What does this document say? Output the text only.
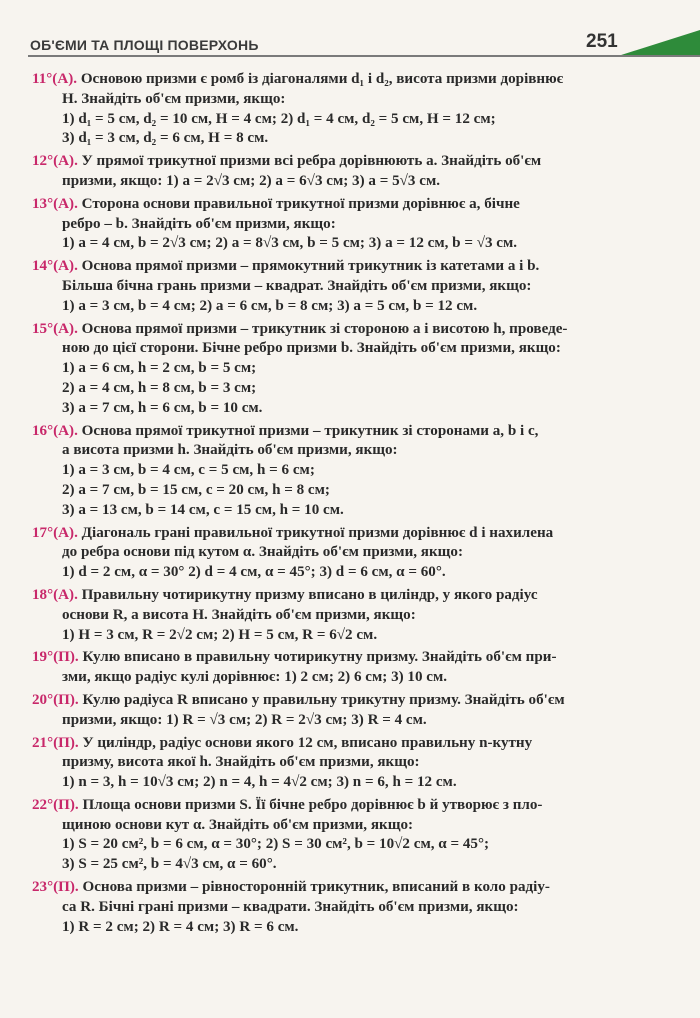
ОБ'ЄМИ ТА ПЛОЩІ ПОВЕРХОНЬ	251
11°(А). Основою призми є ромб із діагоналями d₁ і d₂, висота призми дорівнює
H. Знайдіть об'єм призми, якщо:
1) d₁ = 5 см, d₂ = 10 см, H = 4 см; 2) d₁ = 4 см, d₂ = 5 см, H = 12 см;
3) d₁ = 3 см, d₂ = 6 см, H = 8 см.
12°(А). У прямої трикутної призми всі ребра дорівнюють a. Знайдіть об'єм
призми, якщо: 1) a = 2√3 см; 2) a = 6√3 см; 3) a = 5√3 см.
13°(А). Сторона основи правильної трикутної призми дорівнює a, бічне
ребро – b. Знайдіть об'єм призми, якщо:
1) a = 4 см, b = 2√3 см; 2) a = 8√3 см, b = 5 см; 3) a = 12 см, b = √3 см.
14°(А). Основа прямої призми – прямокутний трикутник із катетами a і b.
Більша бічна грань призми – квадрат. Знайдіть об'єм призми, якщо:
1) a = 3 см, b = 4 см; 2) a = 6 см, b = 8 см; 3) a = 5 см, b = 12 см.
15°(А). Основа прямої призми – трикутник зі стороною a і висотою h, проведе-
ною до цієї сторони. Бічне ребро призми b. Знайдіть об'єм призми, якщо:
1) a = 6 см, h = 2 см, b = 5 см;
2) a = 4 см, h = 8 см, b = 3 см;
3) a = 7 см, h = 6 см, b = 10 см.
16°(А). Основа прямої трикутної призми – трикутник зі сторонами a, b і c,
а висота призми h. Знайдіть об'єм призми, якщо:
1) a = 3 см, b = 4 см, c = 5 см, h = 6 см;
2) a = 7 см, b = 15 см, c = 20 см, h = 8 см;
3) a = 13 см, b = 14 см, c = 15 см, h = 10 см.
17°(А). Діагональ грані правильної трикутної призми дорівнює d і нахилена
до ребра основи під кутом α. Знайдіть об'єм призми, якщо:
1) d = 2 см, α = 30° 2) d = 4 см, α = 45°; 3) d = 6 см, α = 60°.
18°(А). Правильну чотирикутну призму вписано в циліндр, у якого радіус
основи R, а висота H. Знайдіть об'єм призми, якщо:
1) H = 3 см, R = 2√2 см; 2) H = 5 см, R = 6√2 см.
19°(П). Кулю вписано в правильну чотирикутну призму. Знайдіть об'єм при-
зми, якщо радіус кулі дорівнює: 1) 2 см; 2) 6 см; 3) 10 см.
20°(П). Кулю радіуса R вписано у правильну трикутну призму. Знайдіть об'єм
призми, якщо: 1) R = √3 см; 2) R = 2√3 см; 3) R = 4 см.
21°(П). У циліндр, радіус основи якого 12 см, вписано правильну n-кутну
призму, висота якої h. Знайдіть об'єм призми, якщо:
1) n = 3, h = 10√3 см; 2) n = 4, h = 4√2 см; 3) n = 6, h = 12 см.
22°(П). Площа основи призми S. Її бічне ребро дорівнює b й утворює з пло-
щиною основи кут α. Знайдіть об'єм призми, якщо:
1) S = 20 см², b = 6 см, α = 30°; 2) S = 30 см², b = 10√2 см, α = 45°;
3) S = 25 см², b = 4√3 см, α = 60°.
23°(П). Основа призми – рівносторонній трикутник, вписаний в коло радіу-
са R. Бічні грані призми – квадрати. Знайдіть об'єм призми, якщо:
1) R = 2 см; 2) R = 4 см; 3) R = 6 см.
